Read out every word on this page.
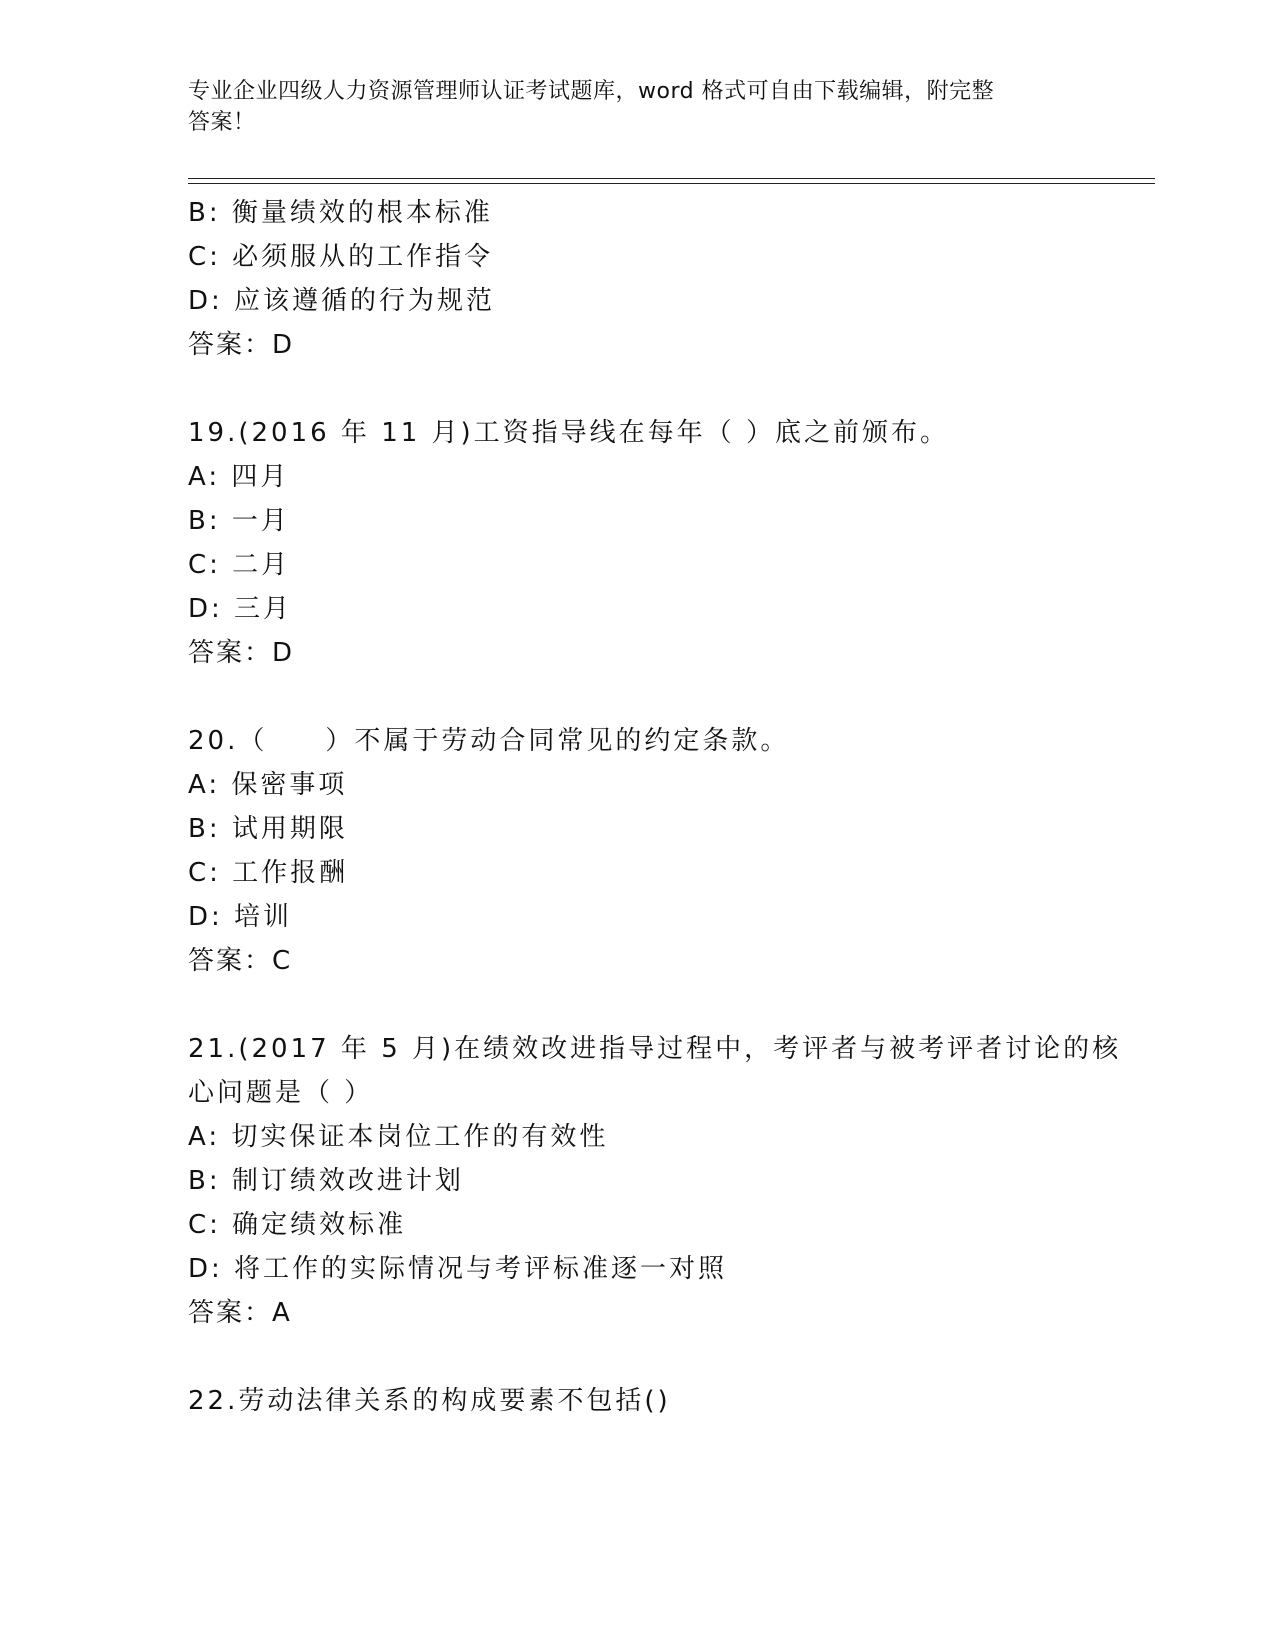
专业企业四级人力资源管理师认证考试题库，word 格式可自由下载编辑，附完整
答案！
B: 衡量绩效的根本标准
C: 必须服从的工作指令
D: 应该遵循的行为规范
答案：D
19.(2016 年 11 月)工资指导线在每年（ ）底之前颁布。
A: 四月
B: 一月
C: 二月
D: 三月
答案：D
20.（　　）不属于劳动合同常见的约定条款。
A: 保密事项
B: 试用期限
C: 工作报酬
D: 培训
答案：C
21.(2017 年 5 月)在绩效改进指导过程中，考评者与被考评者讨论的核
心问题是（ ）
A: 切实保证本岗位工作的有效性
B: 制订绩效改进计划
C: 确定绩效标准
D: 将工作的实际情况与考评标准逐一对照
答案：A
22.劳动法律关系的构成要素不包括()
